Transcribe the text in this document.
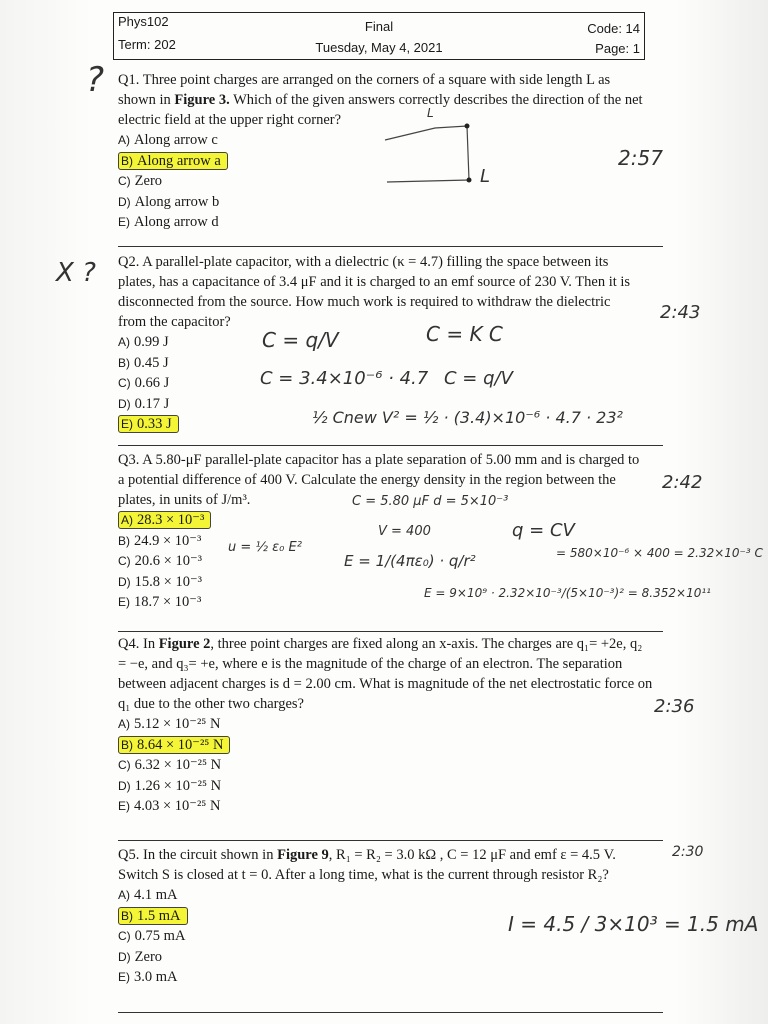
Phys102
Term: 202
Final
Tuesday, May 4, 2021
Code: 14
Page: 1

Q1. Three point charges are arranged on the corners of a square with side length L as shown in Figure 3. Which of the given answers correctly describes the direction of the net electric field at the upper right corner?

A) Along arrow c
B) Along arrow a
C) Zero
D) Along arrow b
E) Along arrow d
?
2:57
L
L

Q2. A parallel-plate capacitor, with a dielectric (κ = 4.7) filling the space between its plates, has a capacitance of 3.4 μF and it is charged to an emf source of 230 V. Then it is disconnected from the source. How much work is required to withdraw the dielectric from the capacitor?

A) 0.99 J
B) 0.45 J
C) 0.66 J
D) 0.17 J
E) 0.33 J
X ?
2:43
C = q/V	C = K C
C = 3.4×10⁻⁶ · 4.7 C = q/V
½ Cnew V² = ½ · (3.4)×10⁻⁶ · 4.7 · 23²

Q3. A 5.80-μF parallel-plate capacitor has a plate separation of 5.00 mm and is charged to a potential difference of 400 V. Calculate the energy density in the region between the plates, in units of J/m³.

A) 28.3 × 10⁻³
B) 24.9 × 10⁻³
C) 20.6 × 10⁻³
D) 15.8 × 10⁻³
E) 18.7 × 10⁻³
2:42
C = 5.80 μF d = 5×10⁻³
V = 400	q = CV
= 580×10⁻⁶ × 400 = 2.32×10⁻³ C
E = 1/(4πε₀) · q/r²
E = 9×10⁹ · 2.32×10⁻³/(5×10⁻³)² = 8.352×10¹¹
u = ½ ε₀ E²

Q4. In Figure 2, three point charges are fixed along an x-axis. The charges are q₁= +2e, q₂ = −e, and q₃= +e, where e is the magnitude of the charge of an electron. The separation between adjacent charges is d = 2.00 cm. What is magnitude of the net electrostatic force on q₁ due to the other two charges?

A) 5.12 × 10⁻²⁵ N
B) 8.64 × 10⁻²⁵ N
C) 6.32 × 10⁻²⁵ N
D) 1.26 × 10⁻²⁵ N
E) 4.03 × 10⁻²⁵ N
2:36

Q5. In the circuit shown in Figure 9, R₁ = R₂ = 3.0 kΩ , C = 12 μF and emf ε = 4.5 V. Switch S is closed at t = 0. After a long time, what is the current through resistor R₂?

A) 4.1 mA
B) 1.5 mA
C) 0.75 mA
D) Zero
E) 3.0 mA
2:30
I = 4.5 / 3×10³ = 1.5 mA
